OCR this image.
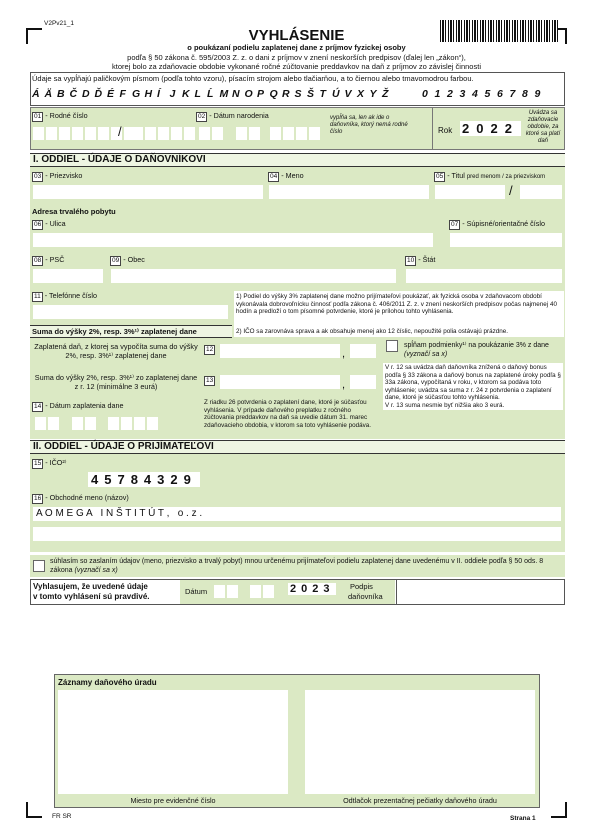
V2Pv21_1
VYHLÁSENIE
o poukázaní podielu zaplatenej dane z príjmov fyzickej osoby
podľa § 50 zákona č. 595/2003 Z. z. o dani z príjmov v znení neskorších predpisov (ďalej len „zákon“),
ktorej bolo za zdaňovacie obdobie vykonané ročné zúčtovanie preddavkov na daň z príjmov zo závislej činnosti
Údaje sa vypĺňajú paličkovým písmom (podľa tohto vzoru), písacím strojom alebo tlačiarňou, a to čiernou alebo tmavomodrou farbou.
Á Ä B Č D Ď É F G H Í J K L Ĺ M N O P Q R S Š T Ú V X Y Ž	0 1 2 3 4 5 6 7 8 9
01 - Rodné číslo
/
02 - Dátum narodenia	vypĺňa sa, len ak ide o daňovníka, ktorý nemá rodné číslo	Rok 2022
Uvádza sa zdaňovacie obdobie, za ktoré sa platí daň
I. ODDIEL - ÚDAJE O DAŇOVNÍKOVI
03 - Priezvisko	04 - Meno	05 - Titul pred menom / za priezviskom
/
Adresa trvalého pobytu
06 - Ulica	07 - Súpisné/orientačné číslo
08 - PSČ	09 - Obec	10 - Štát
11 - Telefónne číslo	1) Podiel do výšky 3% zaplatenej dane možno prijímateľovi poukázať, ak fyzická osoba v zdaňovacom období vykonávala dobrovoľnícku činnosť podľa zákona č. 406/2011 Z. z. v znení neskorších predpisov počas najmenej 40 hodín a predloží o tom písomné potvrdenie, ktoré je prílohou tohto vyhlásenia.
2) IČO sa zarovnáva sprava a ak obsahuje menej ako 12 číslic, nepoužité polia ostávajú prázdne.
Suma do výšky 2%, resp. 3%¹⁾ zaplatenej dane
Zaplatená daň, z ktorej sa vypočíta suma do výšky 2%, resp. 3%¹⁾ zaplatenej dane
12	,
spĺňam podmienky¹⁾ na poukázanie 3% z dane (vyznačí sa x)
Suma do výšky 2%, resp. 3%¹⁾ zo zaplatenej dane z r. 12 (minimálne 3 eurá)
13	,
V r. 12 sa uvádza daň daňovníka znížená o daňový bonus podľa § 33 zákona a daňový bonus na zaplatené úroky podľa § 33a zákona, vypočítaná v roku, v ktorom sa podáva toto vyhlásenie; uvádza sa suma z r. 24 z potvrdenia o zaplatení dane, ktoré je súčasťou tohto vyhlásenia.
V r. 13 suma nesmie byť nižšia ako 3 eurá.
14 - Dátum zaplatenia dane	Z riadku 26 potvrdenia o zaplatení dane, ktoré je súčasťou vyhlásenia. V prípade daňového preplatku z ročného zúčtovania preddavkov na daň sa uvedie dátum 31. marec zdaňovacieho obdobia, v ktorom sa toto vyhlásenie podáva.
II. ODDIEL - ÚDAJE O PRIJÍMATEĽOVI
15 - IČO²⁾
45784329
16 - Obchodné meno (názov)
A O M E G A   I N Š T I T Ú T ,   o . z .
súhlasím so zaslaním údajov (meno, priezvisko a trvalý pobyt) mnou určenému prijímateľovi podielu zaplatenej dane uvedenému v II. oddiele podľa § 50 ods. 8 zákona (vyznačí sa x)
Vyhlasujem, že uvedené údaje
v tomto vyhlásení sú pravdivé.
Dátum	2023 Podpis
daňovníka
Záznamy daňového úradu
Miesto pre evidenčné číslo	Odtlačok prezentačnej pečiatky daňového úradu
FR SR	Strana 1
